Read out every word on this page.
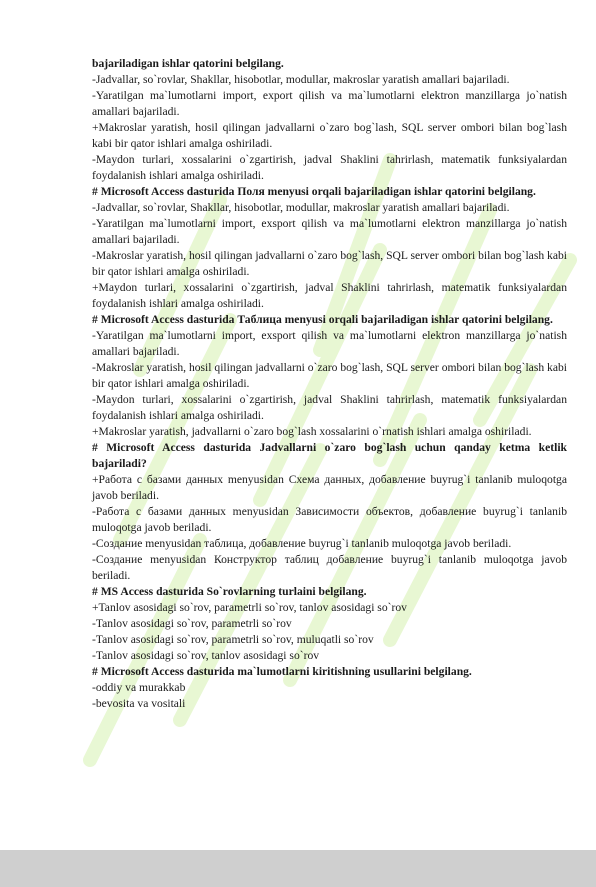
bajariladigan ishlar qatorini belgilang.
-Jadvallar, so`rovlar, Shakllar, hisobotlar, modullar, makroslar yaratish amallari bajariladi.
-Yaratilgan ma`lumotlarni import, export qilish va ma`lumotlarni elektron manzillarga jo`natish amallari bajariladi.
+Makroslar yaratish, hosil qilingan jadvallarni o`zaro bog`lash, SQL server ombori bilan bog`lash kabi bir qator ishlari amalga oshiriladi.
-Maydon turlari, xossalarini o`zgartirish, jadval Shaklini tahrirlash, matematik funksiyalardan foydalanish ishlari amalga oshiriladi.
# Microsoft Access dasturida Поля menyusi orqali bajariladigan ishlar qatorini belgilang.
-Jadvallar, so`rovlar, Shakllar, hisobotlar, modullar, makroslar yaratish amallari bajariladi.
-Yaratilgan ma`lumotlarni import, exsport qilish va ma`lumotlarni elektron manzillarga jo`natish amallari bajariladi.
-Makroslar yaratish, hosil qilingan jadvallarni o`zaro bog`lash, SQL server ombori bilan bog`lash kabi bir qator ishlari amalga oshiriladi.
+Maydon turlari, xossalarini o`zgartirish, jadval Shaklini tahrirlash, matematik funksiyalardan foydalanish ishlari amalga oshiriladi.
# Microsoft Access dasturida Таблица menyusi orqali bajariladigan ishlar qatorini belgilang.
-Yaratilgan ma`lumotlarni import, exsport qilish va ma`lumotlarni elektron manzillarga jo`natish amallari bajariladi.
-Makroslar yaratish, hosil qilingan jadvallarni o`zaro bog`lash, SQL server ombori bilan bog`lash kabi bir qator ishlari amalga oshiriladi.
-Maydon turlari, xossalarini o`zgartirish, jadval Shaklini tahrirlash, matematik funksiyalardan foydalanish ishlari amalga oshiriladi.
+Makroslar yaratish, jadvallarni o`zaro bog`lash xossalarini o`rnatish ishlari amalga oshiriladi.
# Microsoft Access dasturida Jadvallarni o`zaro bog`lash uchun qanday ketma ketlik bajariladi?
+Работа с базами данных menyusidan Схема данных, добавление buyrug`i tanlanib muloqotga javob beriladi.
-Работа с базами данных menyusidan Зависимости объектов, добавление buyrug`i tanlanib muloqotga javob beriladi.
-Создание menyusidan таблица, добавление buyrug`i tanlanib muloqotga javob beriladi.
-Создание menyusidan Конструктор таблиц добавление buyrug`i tanlanib muloqotga javob beriladi.
# MS Access dasturida So`rovlarning turlaini belgilang.
+Tanlov asosidagi so`rov, parametrli so`rov, tanlov asosidagi so`rov
-Tanlov asosidagi so`rov, parametrli so`rov
-Tanlov asosidagi so`rov, parametrli so`rov, muluqatli so`rov
-Tanlov asosidagi so`rov, tanlov asosidagi so`rov
# Microsoft Access dasturida ma`lumotlarni kiritishning usullarini belgilang.
-oddiy va murakkab
-bevosita va vositali
